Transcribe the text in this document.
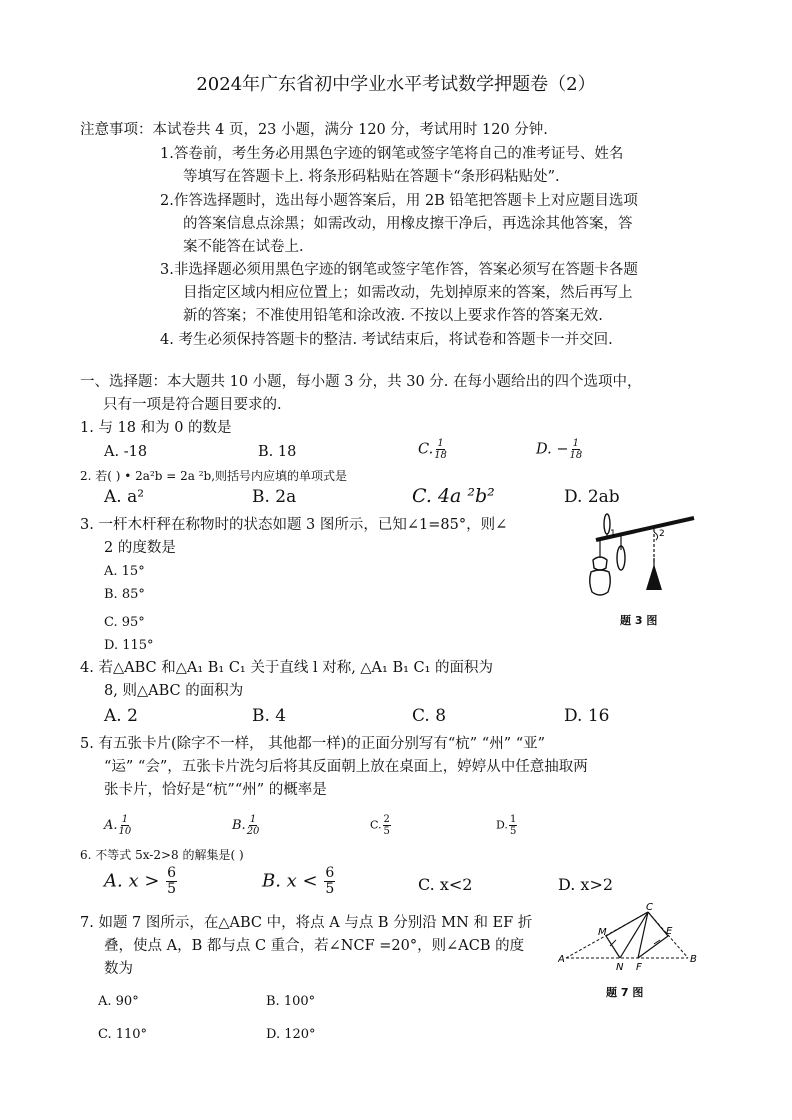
2024年广东省初中学业水平考试数学押题卷（2）
注意事项：本试卷共 4 页，23 小题，满分 120 分，考试用时 120 分钟.
1.答卷前，考生务必用黑色字迹的钢笔或签字笔将自己的准考证号、姓名
等填写在答题卡上. 将条形码粘贴在答题卡“条形码粘贴处”.
2.作答选择题时，选出每小题答案后，用 2B 铅笔把答题卡上对应题目选项
的答案信息点涂黑；如需改动，用橡皮擦干净后，再选涂其他答案，答
案不能答在试卷上.
3.非选择题必须用黑色字迹的钢笔或签字笔作答，答案必须写在答题卡各题
目指定区域内相应位置上；如需改动，先划掉原来的答案，然后再写上
新的答案；不准使用铅笔和涂改液. 不按以上要求作答的答案无效.
4. 考生必须保持答题卡的整洁. 考试结束后，将试卷和答题卡一并交回.
一、选择题：本大题共 10 小题，每小题 3 分，共 30 分. 在每小题给出的四个选项中，
只有一项是符合题目要求的.
1. 与 18 和为 0 的数是
A. -18	B. 18	C. $\frac{1}{18}$	D. − $\frac{1}{18}$
2. 若( ) • 2a²b = 2a ²b,则括号内应填的单项式是
A. a²	B. 2a	C. 4a ²b²	D. 2ab
3. 一杆木杆秤在称物时的状态如题 3 图所示，已知∠1=85°，则∠
2 的度数是
A. 15°
B. 85°
C. 95°
D. 115°
1	2
题 3 图
4. 若△ABC 和△A₁ B₁ C₁ 关于直线 l 对称, △A₁ B₁ C₁ 的面积为
8, 则△ABC 的面积为
A. 2	B. 4	C. 8	D. 16
5. 有五张卡片(除字不一样， 其他都一样)的正面分别写有“杭” “州” “亚”
“运” “会”，五张卡片洗匀后将其反面朝上放在桌面上，婷婷从中任意抽取两
张卡片，恰好是“杭”“州” 的概率是
A. $\frac{1}{10}$	B. $\frac{1}{20}$	C. $\frac{2}{5}$	D. $\frac{1}{5}$
6. 不等式 5x-2>8 的解集是( )
A. $x > \frac{6}{5}$	B. $x < \frac{6}{5}$	C. x<2	D. x>2
7. 如题 7 图所示，在△ABC 中，将点 A 与点 B 分别沿 MN 和 EF 折
叠，使点 A，B 都与点 C 重合，若∠NCF =20°，则∠ACB 的度
数为
A. 90°	B. 100°
C. 110°	D. 120°
C
A	B
M
N
E
F
题 7 图
